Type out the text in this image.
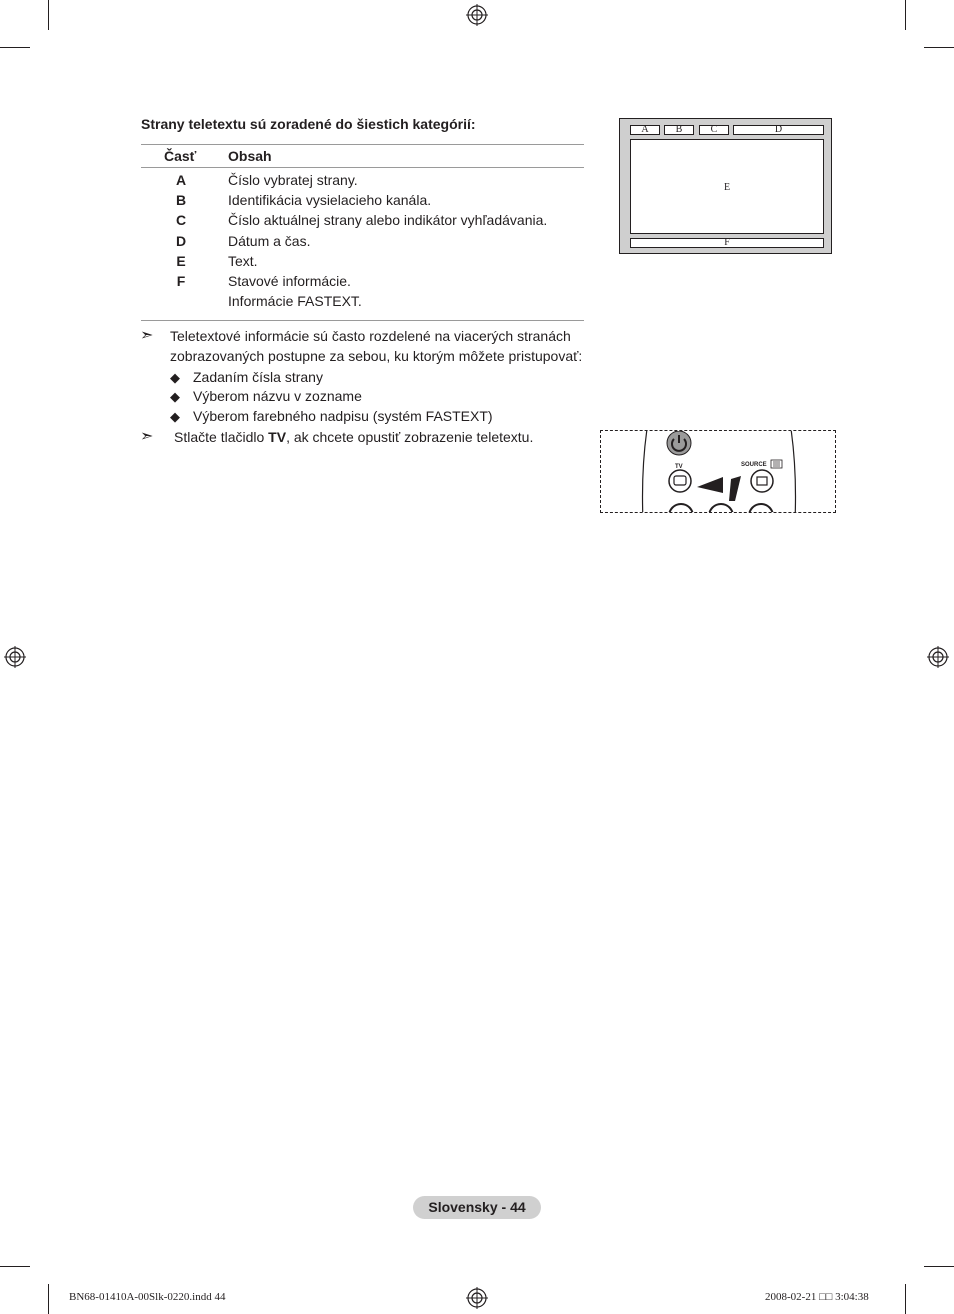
Strany teletextu sú zoradené do šiestich kategórií:
Časť Obsah
A	Číslo vybratej strany.
B	Identifikácia vysielacieho kanála.
C	Číslo aktuálnej strany alebo indikátor vyhľadávania.
D	Dátum a čas.
E	Text.
F	Stavové informácie.
Informácie FASTEXT.
➣ Teletextové informácie sú často rozdelené na viacerých stranách
zobrazovaných postupne za sebou, ku ktorým môžete pristupovať:
◆ Zadaním čísla strany
◆ Výberom názvu v zozname
◆ Výberom farebného nadpisu (systém FASTEXT)
➣ Stlačte tlačidlo TV, ak chcete opustiť zobrazenie teletextu.
A	B	C	D
E
F
TV	SOURCE
Slovensky - 44
BN68-01410A-00Slk-0220.indd 44	2008-02-21 □□ 3:04:38
